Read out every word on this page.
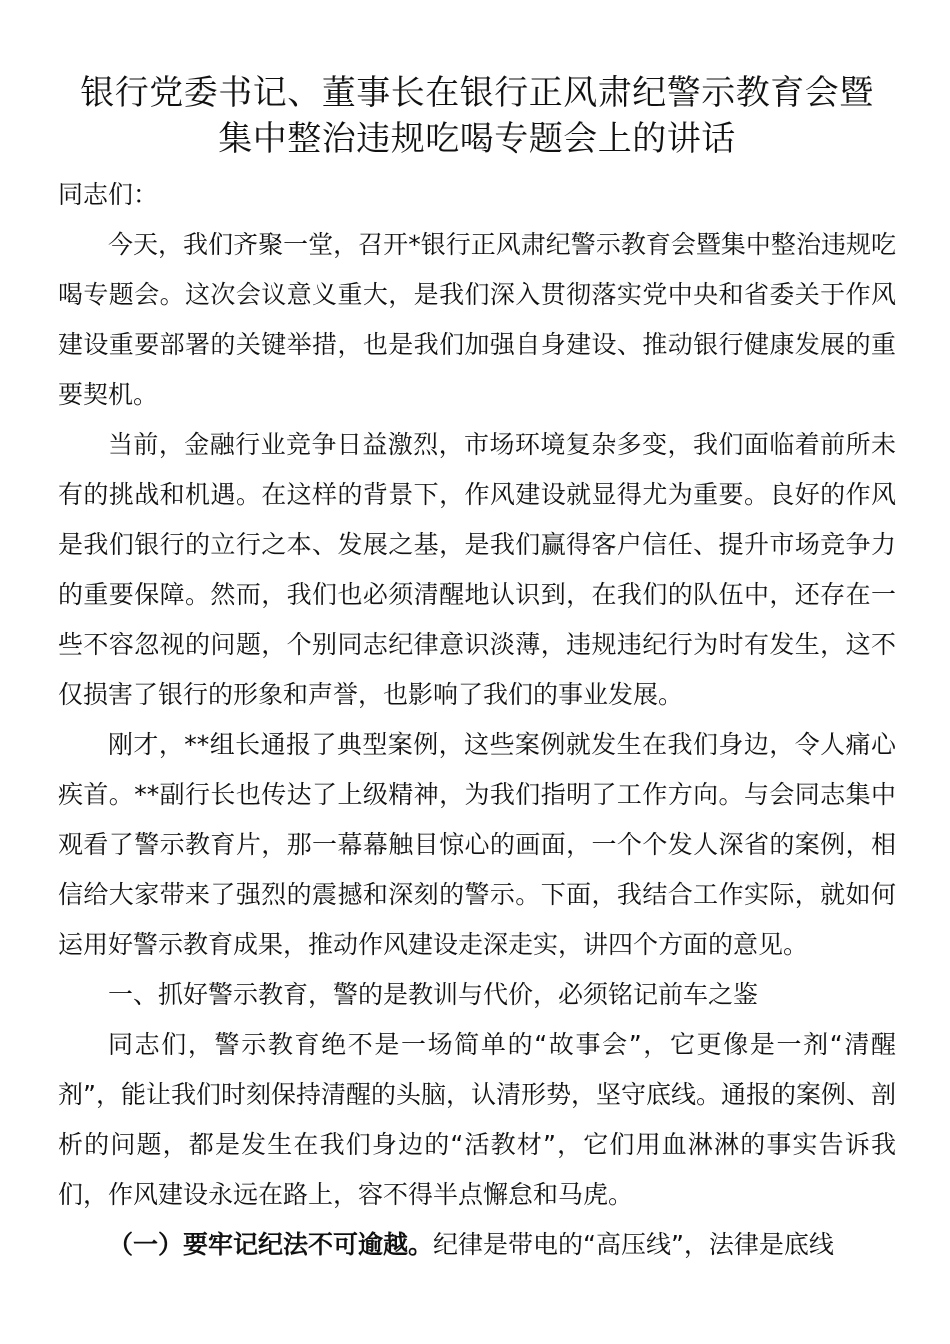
银行党委书记、董事长在银行正风肃纪警示教育会暨
集中整治违规吃喝专题会上的讲话

同志们：

今天，我们齐聚一堂，召开*银行正风肃纪警示教育会暨集中整治违规吃喝专题会。这次会议意义重大，是我们深入贯彻落实党中央和省委关于作风建设重要部署的关键举措，也是我们加强自身建设、推动银行健康发展的重要契机。

当前，金融行业竞争日益激烈，市场环境复杂多变，我们面临着前所未有的挑战和机遇。在这样的背景下，作风建设就显得尤为重要。良好的作风是我们银行的立行之本、发展之基，是我们赢得客户信任、提升市场竞争力的重要保障。然而，我们也必须清醒地认识到，在我们的队伍中，还存在一些不容忽视的问题，个别同志纪律意识淡薄，违规违纪行为时有发生，这不仅损害了银行的形象和声誉，也影响了我们的事业发展。

刚才，**组长通报了典型案例，这些案例就发生在我们身边，令人痛心疾首。**副行长也传达了上级精神，为我们指明了工作方向。与会同志集中观看了警示教育片，那一幕幕触目惊心的画面，一个个发人深省的案例，相信给大家带来了强烈的震撼和深刻的警示。下面，我结合工作实际，就如何运用好警示教育成果，推动作风建设走深走实，讲四个方面的意见。

一、抓好警示教育，警的是教训与代价，必须铭记前车之鉴

同志们，警示教育绝不是一场简单的“故事会”，它更像是一剂“清醒剂”，能让我们时刻保持清醒的头脑，认清形势，坚守底线。通报的案例、剖析的问题，都是发生在我们身边的“活教材”，它们用血淋淋的事实告诉我们，作风建设永远在路上，容不得半点懈怠和马虎。

（一）要牢记纪法不可逾越。纪律是带电的“高压线”，法律是底线
